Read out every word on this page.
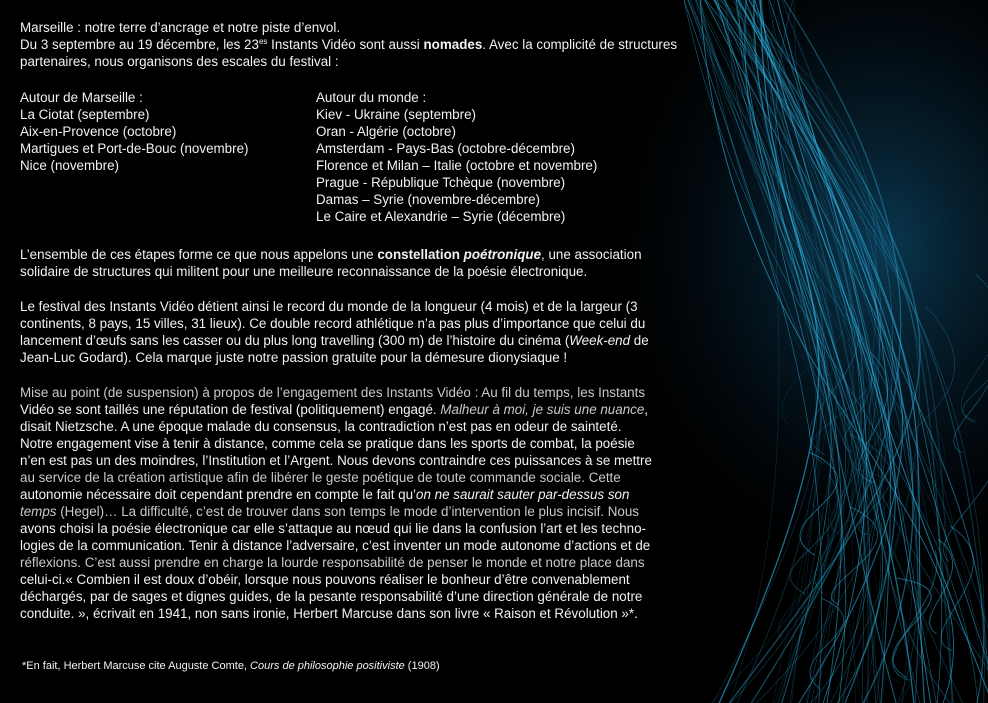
Marseille : notre terre d’ancrage et notre piste d’envol.
Du 3 septembre au 19 décembre, les $23^{es}$ Instants Vidéo sont aussi nomades. Avec la complicité de structures
partenaires, nous organisons des escales du festival :
Autour de Marseille :
La Ciotat (septembre)
Aix-en-Provence (octobre)
Martigues et Port-de-Bouc (novembre)
Nice (novembre)
Autour du monde :
Kiev - Ukraine (septembre)
Oran - Algérie (octobre)
Amsterdam - Pays-Bas (octobre-décembre)
Florence et Milan – Italie (octobre et novembre)
Prague - République Tchèque (novembre)
Damas – Syrie (novembre-décembre)
Le Caire et Alexandrie – Syrie (décembre)
L’ensemble de ces étapes forme ce que nous appelons une constellation poétronique, une association
solidaire de structures qui militent pour une meilleure reconnaissance de la poésie électronique.
Le festival des Instants Vidéo détient ainsi le record du monde de la longueur (4 mois) et de la largeur (3
continents, 8 pays, 15 villes, 31 lieux). Ce double record athlétique n’a pas plus d’importance que celui du
lancement d’œufs sans les casser ou du plus long travelling (300 m) de l’histoire du cinéma (Week-end de
Jean-Luc Godard). Cela marque juste notre passion gratuite pour la démesure dionysiaque !
Mise au point (de suspension) à propos de l’engagement des Instants Vidéo : Au fil du temps, les Instants
Vidéo se sont taillés une réputation de festival (politiquement) engagé. Malheur à moi, je suis une nuance,
disait Nietzsche. A une époque malade du consensus, la contradiction n’est pas en odeur de sainteté.
Notre engagement vise à tenir à distance, comme cela se pratique dans les sports de combat, la poésie
n’en est pas un des moindres, l’Institution et l’Argent. Nous devons contraindre ces puissances à se mettre
au service de la création artistique afin de libérer le geste poétique de toute commande sociale. Cette
autonomie nécessaire doit cependant prendre en compte le fait qu’on ne saurait sauter par-dessus son
temps (Hegel)… La difficulté, c’est de trouver dans son temps le mode d’intervention le plus incisif. Nous
avons choisi la poésie électronique car elle s’attaque au nœud qui lie dans la confusion l’art et les techno-
logies de la communication. Tenir à distance l’adversaire, c’est inventer un mode autonome d’actions et de
réflexions. C’est aussi prendre en charge la lourde responsabilité de penser le monde et notre place dans
celui-ci.« Combien il est doux d’obéir, lorsque nous pouvons réaliser le bonheur d’être convenablement
déchargés, par de sages et dignes guides, de la pesante responsabilité d’une direction générale de notre
conduite. », écrivait en 1941, non sans ironie, Herbert Marcuse dans son livre « Raison et Révolution »*.
*En fait, Herbert Marcuse cite Auguste Comte, Cours de philosophie positiviste (1908)
